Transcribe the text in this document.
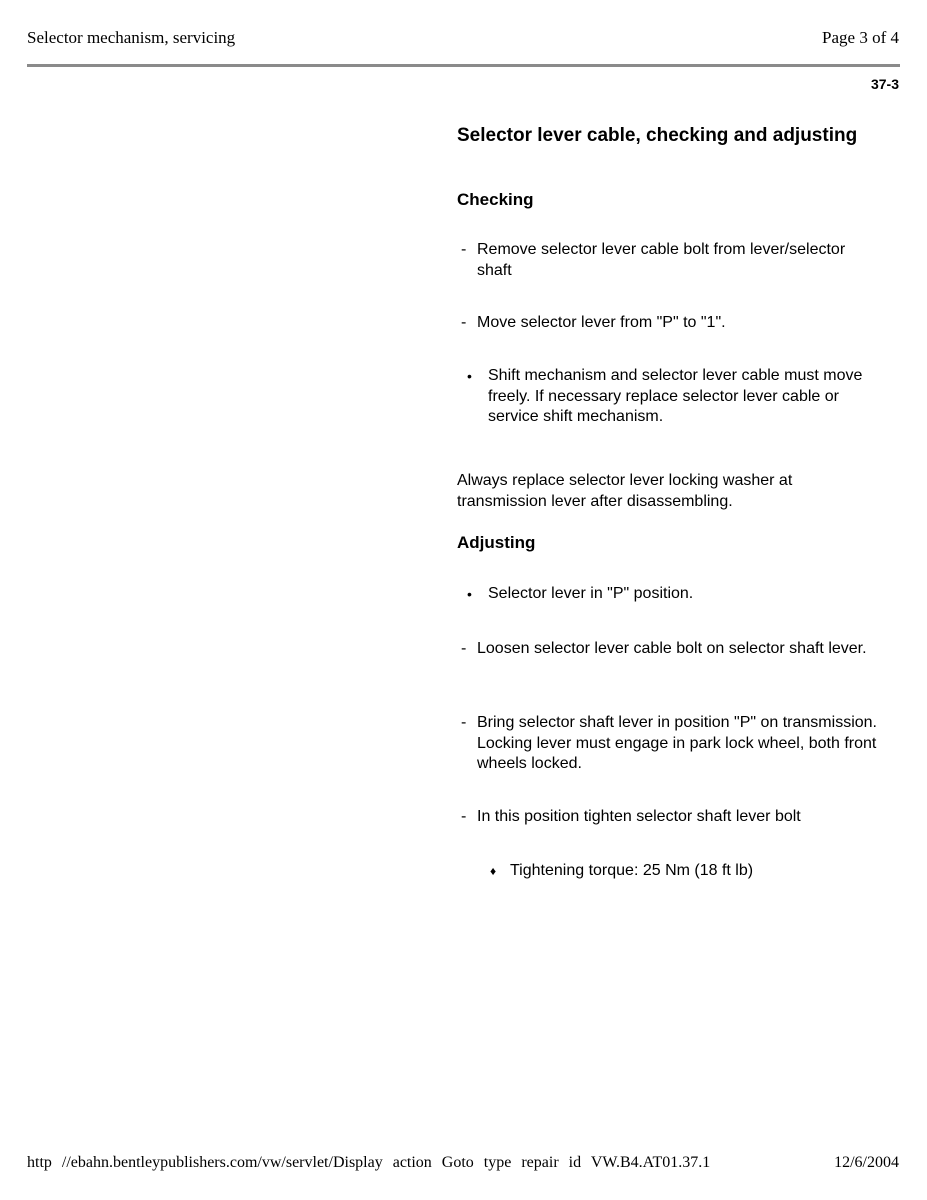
Selector mechanism, servicing	Page 3 of 4
37-3
Selector lever cable, checking and adjusting
Checking
- Remove selector lever cable bolt from lever/selector shaft
- Move selector lever from "P" to "1".
• Shift mechanism and selector lever cable must move freely. If necessary replace selector lever cable or service shift mechanism.
Always replace selector lever locking washer at transmission lever after disassembling.
Adjusting
• Selector lever in "P" position.
- Loosen selector lever cable bolt on selector shaft lever.
- Bring selector shaft lever in position "P" on transmission. Locking lever must engage in park lock wheel, both front wheels locked.
- In this position tighten selector shaft lever bolt
♦ Tightening torque: 25 Nm (18 ft lb)
http //ebahn.bentleypublishers.com/vw/servlet/Display action Goto type repair id VW.B4.AT01.37.1	12/6/2004
